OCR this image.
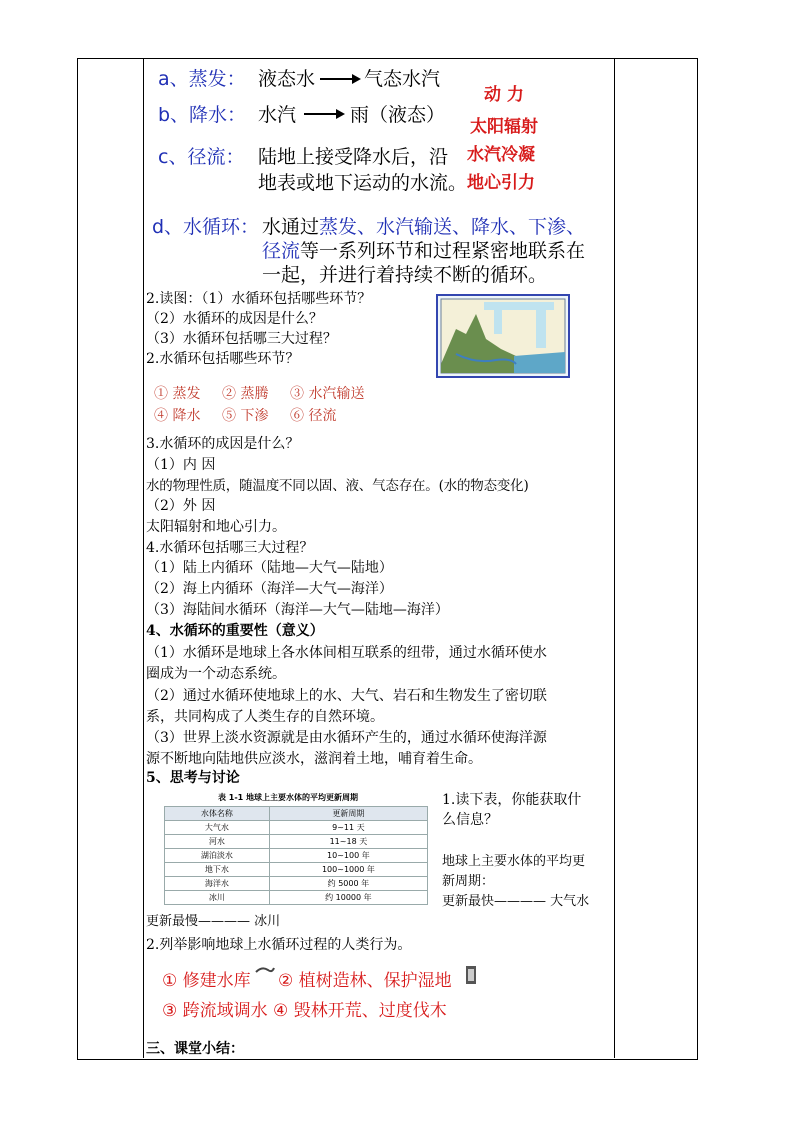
a、蒸发： 液态水	气态水汽
b、降水： 水汽	雨（液态）
c、径流： 陆地上接受降水后，沿
地表或地下运动的水流。
动 力
太阳辐射
水汽冷凝
地心引力
d、水循环： 水通过蒸发、水汽输送、降水、下渗、
径流等一系列环节和过程紧密地联系在
一起，并进行着持续不断的循环。
2.读图：（1）水循环包括哪些环节？
（2）水循环的成因是什么？
（3）水循环包括哪三大过程？
2.水循环包括哪些环节？
① 蒸发 ② 蒸腾 ③ 水汽输送
④ 降水 ⑤ 下渗 ⑥ 径流
3.水循环的成因是什么？
（1）内 因
水的物理性质，随温度不同以固、液、气态存在。(水的物态变化)
（2）外 因
太阳辐射和地心引力。
4.水循环包括哪三大过程？
（1）陆上内循环（陆地—大气—陆地）
（2）海上内循环（海洋—大气—海洋）
（3）海陆间水循环（海洋—大气—陆地—海洋）
4、水循环的重要性（意义）
（1）水循环是地球上各水体间相互联系的纽带，通过水循环使水
圈成为一个动态系统。
（2）通过水循环使地球上的水、大气、岩石和生物发生了密切联
系，共同构成了人类生存的自然环境。
（3）世界上淡水资源就是由水循环产生的，通过水循环使海洋源
源不断地向陆地供应淡水，滋润着土地，哺育着生命。
5、思考与讨论
表 1-1 地球上主要水体的平均更新周期
水体名称	更新周期
大气水	9~11 天
河水	11~18 天
湖泊淡水	10~100 年
地下水	100~1000 年
海洋水	约 5000 年
冰川	约 10000 年
1.读下表，你能获取什
么信息？
地球上主要水体的平均更
新周期：
更新最快———— 大气水
更新最慢———— 冰川
2.列举影响地球上水循环过程的人类行为。
① 修建水库 ② 植树造林、保护湿地
③ 跨流域调水 ④ 毁林开荒、过度伐木
三、课堂小结：
